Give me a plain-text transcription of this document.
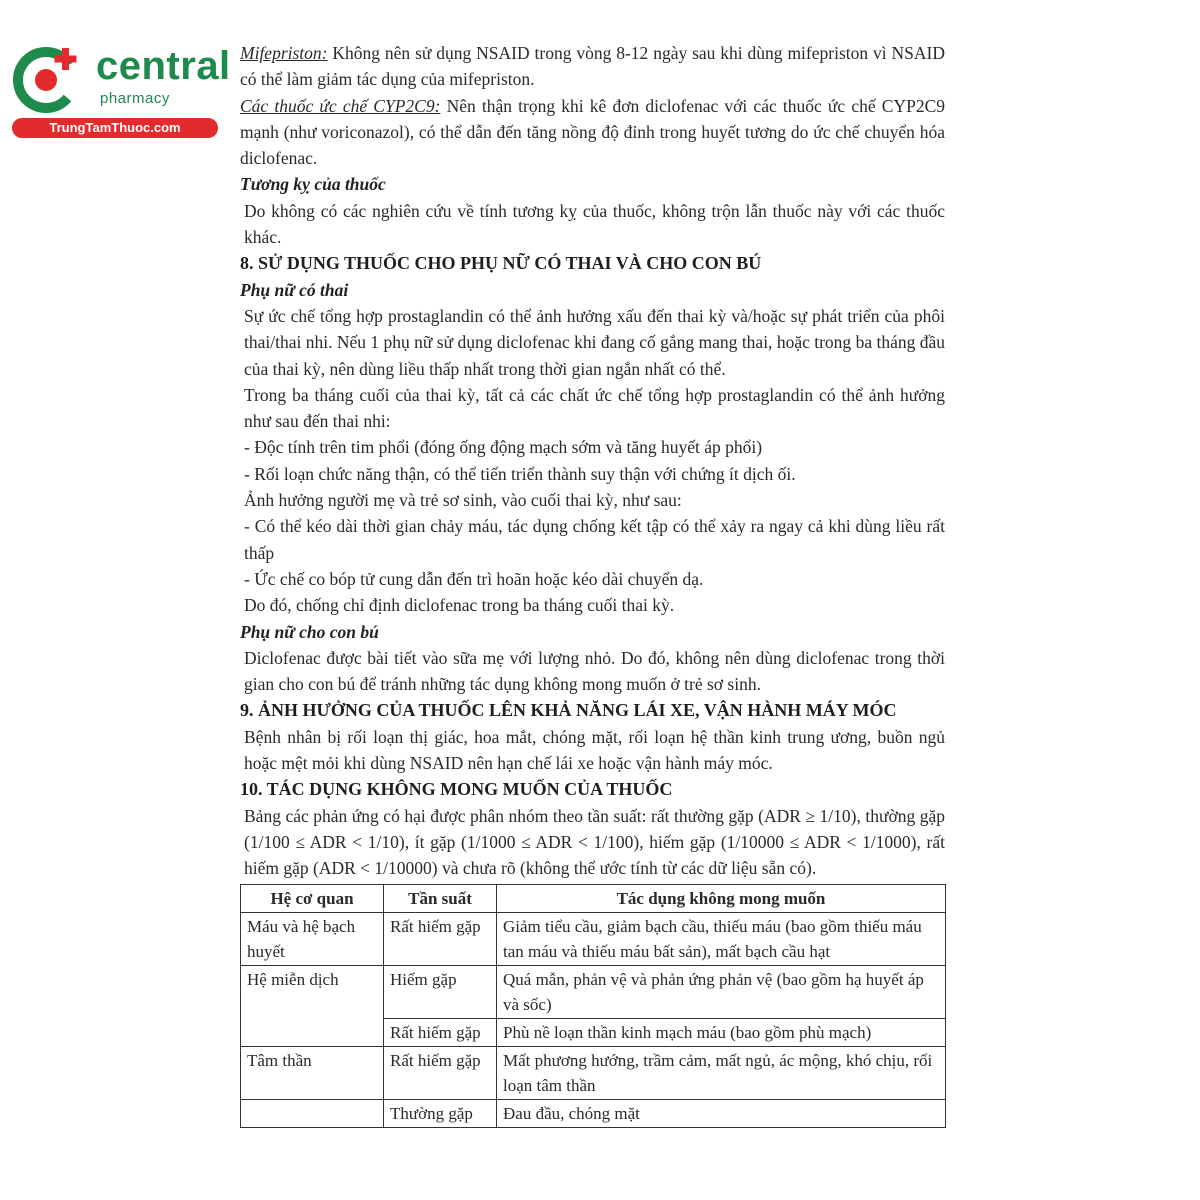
central
pharmacy
TrungTamThuoc.com

Mifepriston: Không nên sử dụng NSAID trong vòng 8-12 ngày sau khi dùng mifepriston vì NSAID có thể làm giảm tác dụng của mifepriston.

Các thuốc ức chế CYP2C9: Nên thận trọng khi kê đơn diclofenac với các thuốc ức chế CYP2C9 mạnh (như voriconazol), có thể dẫn đến tăng nồng độ đỉnh trong huyết tương do ức chế chuyển hóa diclofenac.

Tương kỵ của thuốc

Do không có các nghiên cứu về tính tương kỵ của thuốc, không trộn lẫn thuốc này với các thuốc khác.

8. SỬ DỤNG THUỐC CHO PHỤ NỮ CÓ THAI VÀ CHO CON BÚ

Phụ nữ có thai

Sự ức chế tổng hợp prostaglandin có thể ảnh hưởng xấu đến thai kỳ và/hoặc sự phát triển của phôi thai/thai nhi. Nếu 1 phụ nữ sử dụng diclofenac khi đang cố gắng mang thai, hoặc trong ba tháng đầu của thai kỳ, nên dùng liều thấp nhất trong thời gian ngắn nhất có thể.

Trong ba tháng cuối của thai kỳ, tất cả các chất ức chế tổng hợp prostaglandin có thể ảnh hưởng như sau đến thai nhi:

- Độc tính trên tim phổi (đóng ống động mạch sớm và tăng huyết áp phổi)

- Rối loạn chức năng thận, có thể tiến triển thành suy thận với chứng ít dịch ối.

Ảnh hưởng người mẹ và trẻ sơ sinh, vào cuối thai kỳ, như sau:

- Có thể kéo dài thời gian chảy máu, tác dụng chống kết tập có thể xảy ra ngay cả khi dùng liều rất thấp

- Ức chế co bóp tử cung dẫn đến trì hoãn hoặc kéo dài chuyển dạ.

Do đó, chống chỉ định diclofenac trong ba tháng cuối thai kỳ.

Phụ nữ cho con bú

Diclofenac được bài tiết vào sữa mẹ với lượng nhỏ. Do đó, không nên dùng diclofenac trong thời gian cho con bú để tránh những tác dụng không mong muốn ở trẻ sơ sinh.

9. ẢNH HƯỞNG CỦA THUỐC LÊN KHẢ NĂNG LÁI XE, VẬN HÀNH MÁY MÓC

Bệnh nhân bị rối loạn thị giác, hoa mắt, chóng mặt, rối loạn hệ thần kinh trung ương, buồn ngủ hoặc mệt mỏi khi dùng NSAID nên hạn chế lái xe hoặc vận hành máy móc.

10. TÁC DỤNG KHÔNG MONG MUỐN CỦA THUỐC

Bảng các phản ứng có hại được phân nhóm theo tần suất: rất thường gặp (ADR ≥ 1/10), thường gặp (1/100 ≤ ADR < 1/10), ít gặp (1/1000 ≤ ADR < 1/100), hiếm gặp (1/10000 ≤ ADR < 1/1000), rất hiếm gặp (ADR < 1/10000) và chưa rõ (không thể ước tính từ các dữ liệu sẵn có).

Hệ cơ quan	Tần suất	Tác dụng không mong muốn
Máu và hệ bạch huyết	Rất hiếm gặp	Giảm tiểu cầu, giảm bạch cầu, thiếu máu (bao gồm thiếu máu tan máu và thiếu máu bất sản), mất bạch cầu hạt
Hệ miễn dịch	Hiếm gặp	Quá mẫn, phản vệ và phản ứng phản vệ (bao gồm hạ huyết áp và sốc)
	Rất hiếm gặp	Phù nề loạn thần kinh mạch máu (bao gồm phù mạch)
Tâm thần	Rất hiếm gặp	Mất phương hướng, trầm cảm, mất ngủ, ác mộng, khó chịu, rối loạn tâm thần
	Thường gặp	Đau đầu, chóng mặt
